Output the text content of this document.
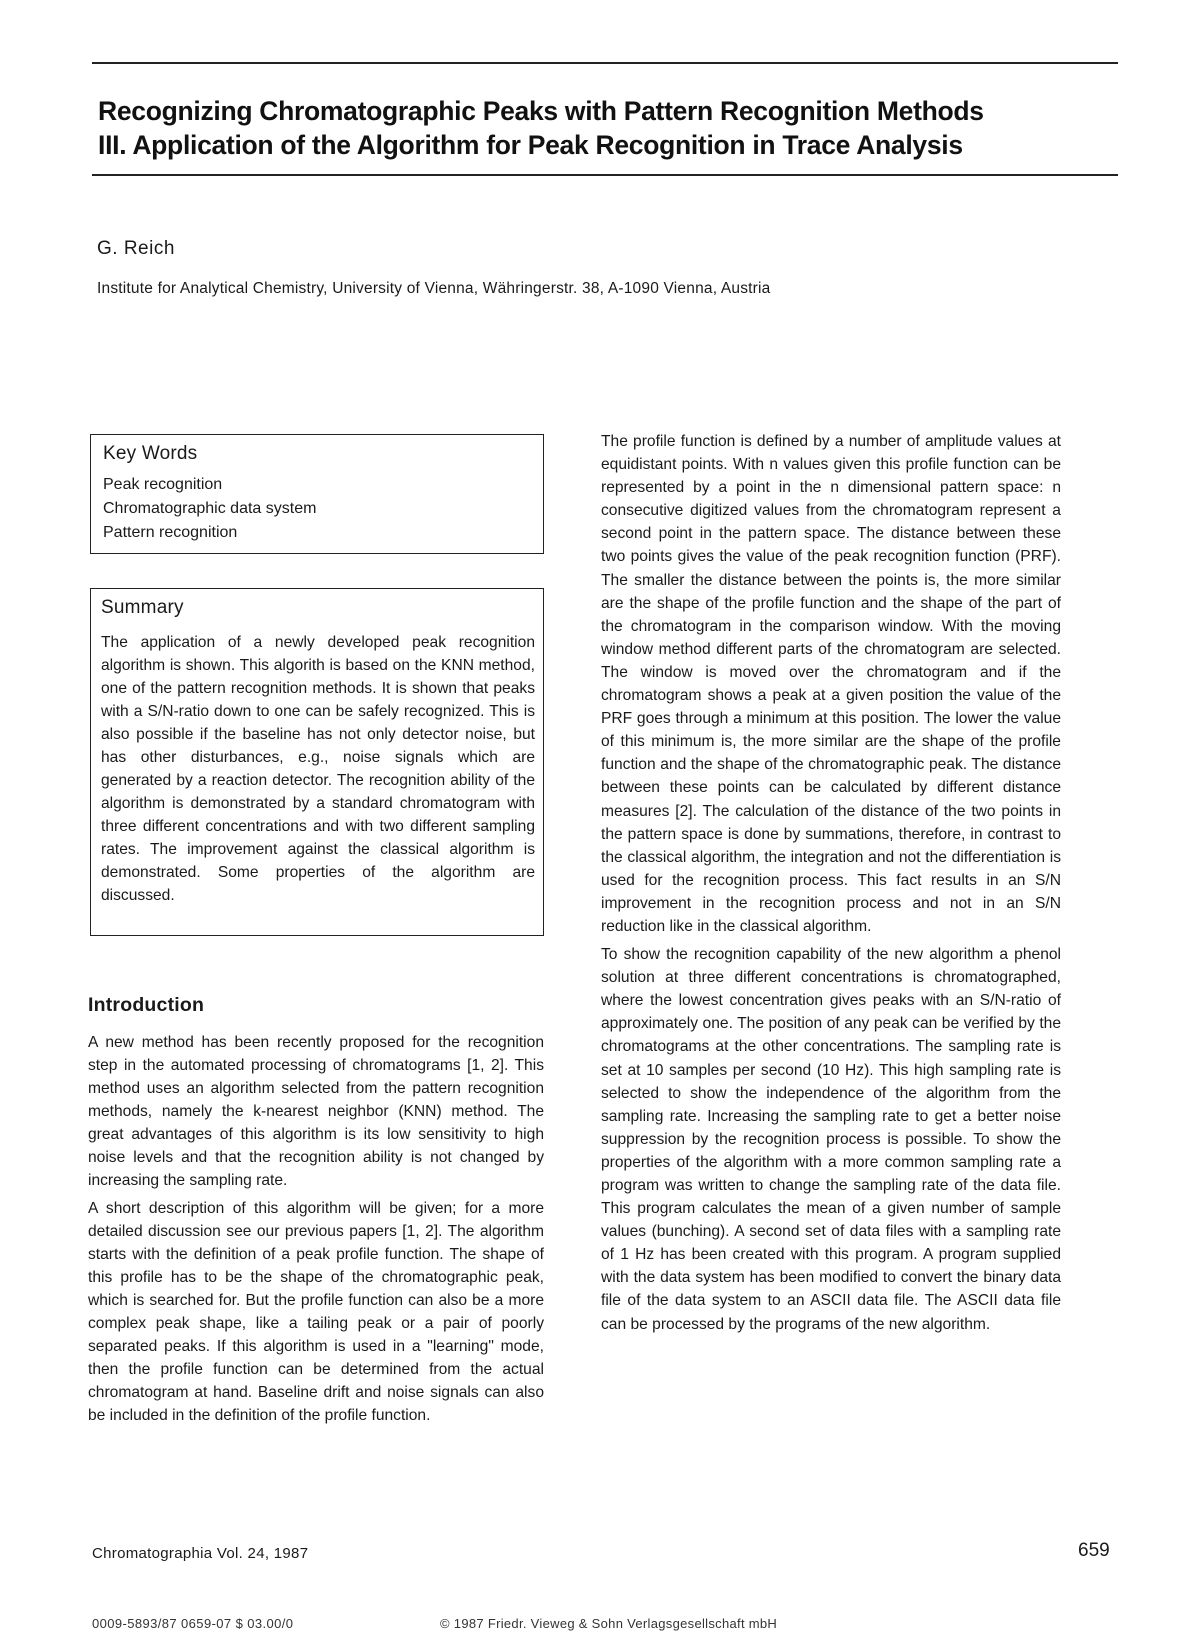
Recognizing Chromatographic Peaks with Pattern Recognition Methods
III. Application of the Algorithm for Peak Recognition in Trace Analysis
G. Reich
Institute for Analytical Chemistry, University of Vienna, Währingerstr. 38, A-1090 Vienna, Austria
Key Words
Peak recognition
Chromatographic data system
Pattern recognition
Summary
The application of a newly developed peak recognition algorithm is shown. This algorith is based on the KNN method, one of the pattern recognition methods. It is shown that peaks with a S/N-ratio down to one can be safely recognized. This is also possible if the baseline has not only detector noise, but has other disturbances, e.g., noise signals which are generated by a reaction detector. The recognition ability of the algorithm is demonstrated by a standard chromatogram with three different concentrations and with two different sampling rates. The improvement against the classical algorithm is demonstrated. Some properties of the algorithm are discussed.
Introduction
A new method has been recently proposed for the recognition step in the automated processing of chromatograms [1, 2]. This method uses an algorithm selected from the pattern recognition methods, namely the k-nearest neighbor (KNN) method. The great advantages of this algorithm is its low sensitivity to high noise levels and that the recognition ability is not changed by increasing the sampling rate.
A short description of this algorithm will be given; for a more detailed discussion see our previous papers [1, 2]. The algorithm starts with the definition of a peak profile function. The shape of this profile has to be the shape of the chromatographic peak, which is searched for. But the profile function can also be a more complex peak shape, like a tailing peak or a pair of poorly separated peaks. If this algorithm is used in a "learning" mode, then the profile function can be determined from the actual chromatogram at hand. Baseline drift and noise signals can also be included in the definition of the profile function.
The profile function is defined by a number of amplitude values at equidistant points. With n values given this profile function can be represented by a point in the n dimensional pattern space: n consecutive digitized values from the chromatogram represent a second point in the pattern space. The distance between these two points gives the value of the peak recognition function (PRF). The smaller the distance between the points is, the more similar are the shape of the profile function and the shape of the part of the chromatogram in the comparison window. With the moving window method different parts of the chromatogram are selected. The window is moved over the chromatogram and if the chromatogram shows a peak at a given position the value of the PRF goes through a minimum at this position. The lower the value of this minimum is, the more similar are the shape of the profile function and the shape of the chromatographic peak. The distance between these points can be calculated by different distance measures [2]. The calculation of the distance of the two points in the pattern space is done by summations, therefore, in contrast to the classical algorithm, the integration and not the differentiation is used for the recognition process. This fact results in an S/N improvement in the recognition process and not in an S/N reduction like in the classical algorithm.
To show the recognition capability of the new algorithm a phenol solution at three different concentrations is chromatographed, where the lowest concentration gives peaks with an S/N-ratio of approximately one. The position of any peak can be verified by the chromatograms at the other concentrations. The sampling rate is set at 10 samples per second (10 Hz). This high sampling rate is selected to show the independence of the algorithm from the sampling rate. Increasing the sampling rate to get a better noise suppression by the recognition process is possible. To show the properties of the algorithm with a more common sampling rate a program was written to change the sampling rate of the data file. This program calculates the mean of a given number of sample values (bunching). A second set of data files with a sampling rate of 1 Hz has been created with this program. A program supplied with the data system has been modified to convert the binary data file of the data system to an ASCII data file. The ASCII data file can be processed by the programs of the new algorithm.
Chromatographia Vol. 24, 1987	659
0009-5893/87 0659-07 $ 03.00/0	© 1987 Friedr. Vieweg & Sohn Verlagsgesellschaft mbH
